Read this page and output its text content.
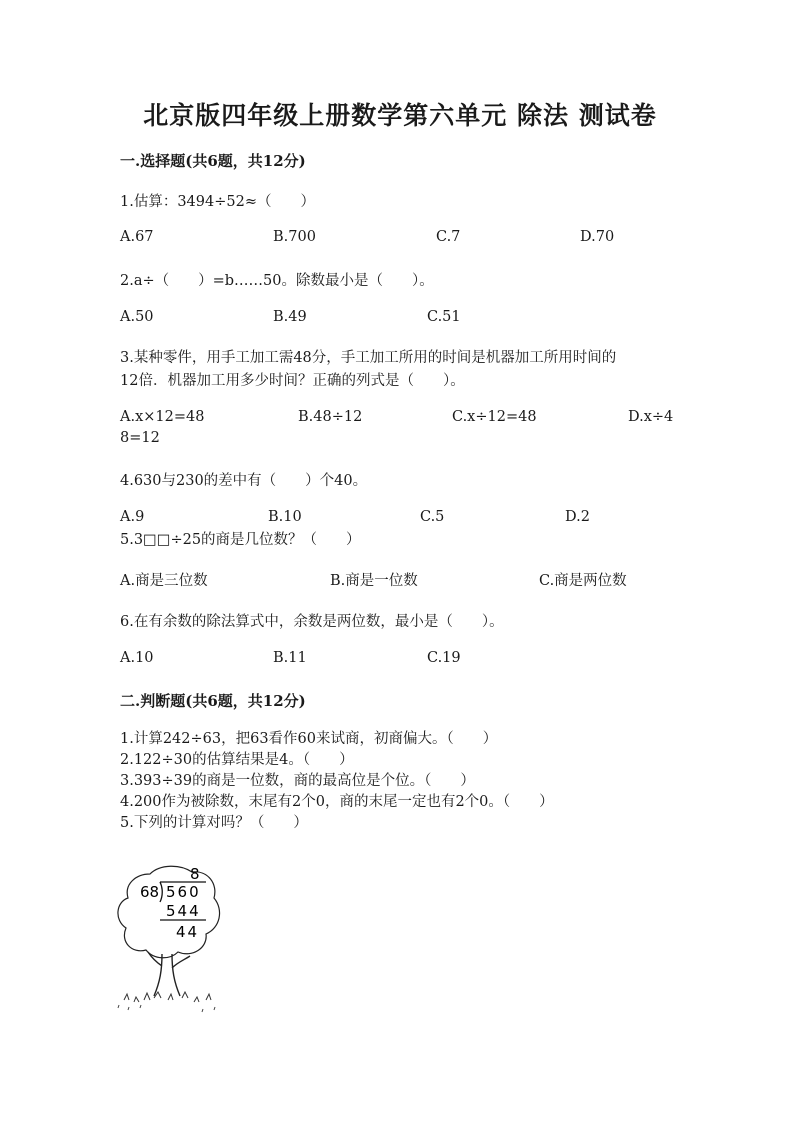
北京版四年级上册数学第六单元 除法 测试卷
一.选择题(共6题，共12分)
1.估算：3494÷52≈（　　）
A.67	B.700	C.7	D.70
2.a÷（　　）=b……50。除数最小是（　　）。
A.50	B.49	C.51
3.某种零件，用手工加工需48分，手工加工所用的时间是机器加工所用时间的
12倍．机器加工用多少时间？正确的列式是（　　）。
A.x×12=48	B.48÷12	C.x÷12=48	D.x÷4
8=12
4.630与230的差中有（　　）个40。
A.9	B.10	C.5	D.2
5.3□□÷25的商是几位数？（　　）
A.商是三位数	B.商是一位数	C.商是两位数
6.在有余数的除法算式中，余数是两位数，最小是（　　）。
A.10	B.11	C.19
二.判断题(共6题，共12分)
1.计算242÷63，把63看作60来试商，初商偏大。（　　）
2.122÷30的估算结果是4。（　　）
3.393÷39的商是一位数，商的最高位是个位。（　　）
4.200作为被除数，末尾有2个0，商的末尾一定也有2个0。（　　）
5.下列的计算对吗？（　　）
8
68 560
544
44
